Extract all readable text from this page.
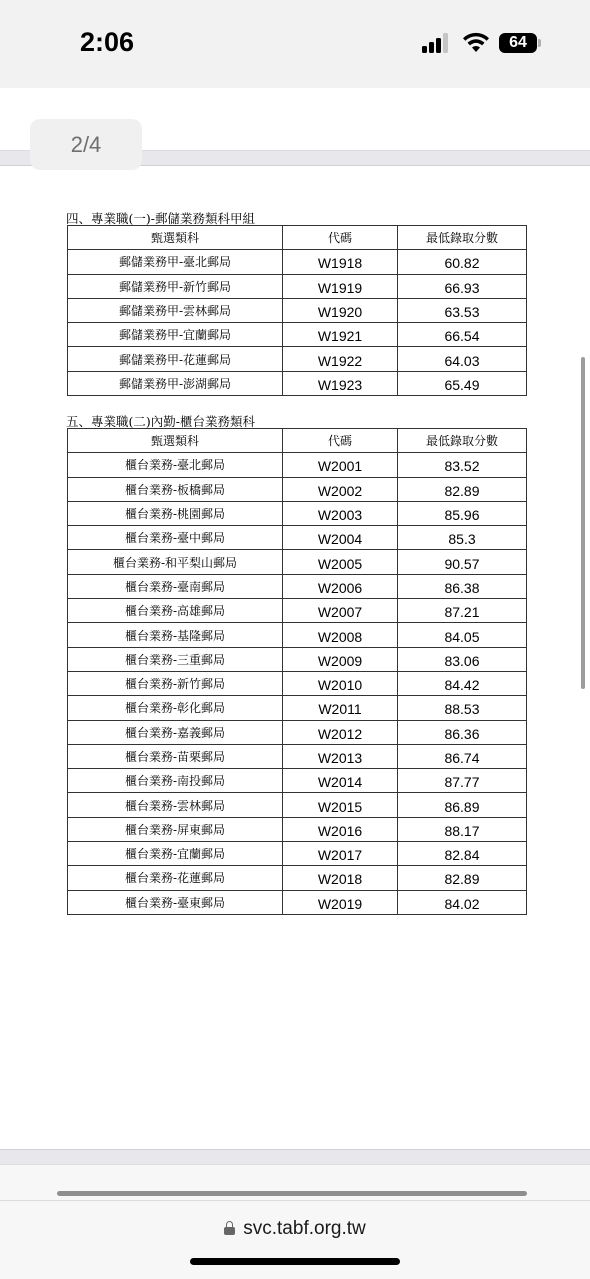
2:06	64
2/4
四、專業職(一)-郵儲業務類科甲組
甄選類科	代碼	最低錄取分數
郵儲業務甲-臺北郵局	W1918	60.82
郵儲業務甲-新竹郵局	W1919	66.93
郵儲業務甲-雲林郵局	W1920	63.53
郵儲業務甲-宜蘭郵局	W1921	66.54
郵儲業務甲-花蓮郵局	W1922	64.03
郵儲業務甲-澎湖郵局	W1923	65.49
五、專業職(二)內勤-櫃台業務類科
甄選類科	代碼	最低錄取分數
櫃台業務-臺北郵局	W2001	83.52
櫃台業務-板橋郵局	W2002	82.89
櫃台業務-桃園郵局	W2003	85.96
櫃台業務-臺中郵局	W2004	85.3
櫃台業務-和平梨山郵局	W2005	90.57
櫃台業務-臺南郵局	W2006	86.38
櫃台業務-高雄郵局	W2007	87.21
櫃台業務-基隆郵局	W2008	84.05
櫃台業務-三重郵局	W2009	83.06
櫃台業務-新竹郵局	W2010	84.42
櫃台業務-彰化郵局	W2011	88.53
櫃台業務-嘉義郵局	W2012	86.36
櫃台業務-苗栗郵局	W2013	86.74
櫃台業務-南投郵局	W2014	87.77
櫃台業務-雲林郵局	W2015	86.89
櫃台業務-屏東郵局	W2016	88.17
櫃台業務-宜蘭郵局	W2017	82.84
櫃台業務-花蓮郵局	W2018	82.89
櫃台業務-臺東郵局	W2019	84.02
svc.tabf.org.tw
